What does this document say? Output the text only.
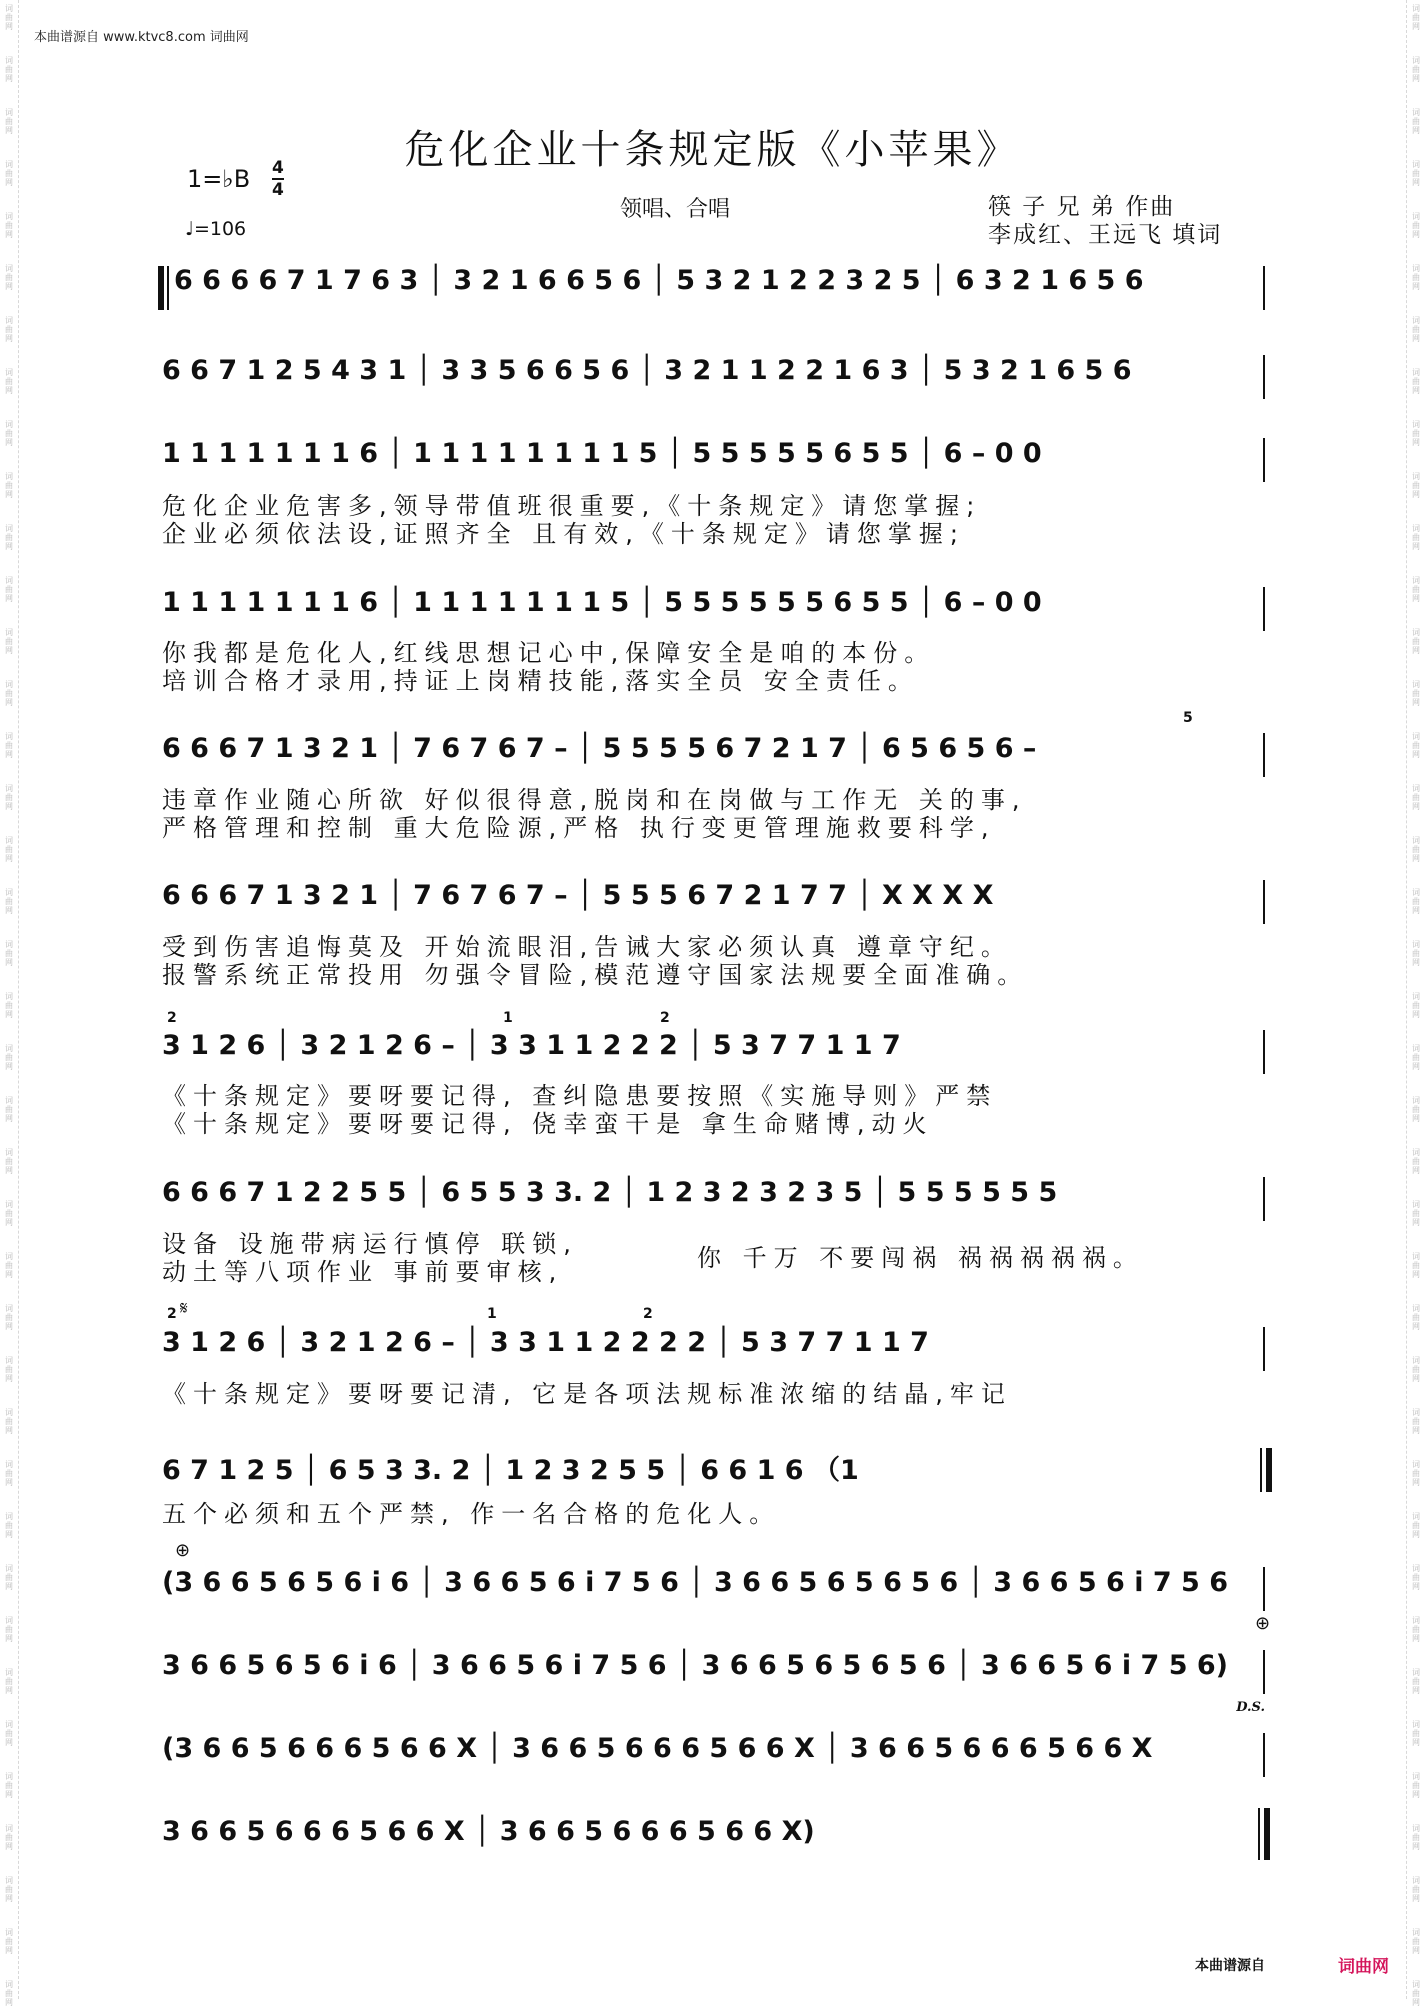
词曲网
词曲网
词曲网
词曲网
词曲网
词曲网
词曲网
词曲网
词曲网
词曲网
词曲网
词曲网
词曲网
词曲网
词曲网
词曲网
词曲网
词曲网
词曲网
词曲网
词曲网
词曲网
词曲网
词曲网
词曲网
词曲网
词曲网
词曲网
词曲网
词曲网
词曲网
词曲网
词曲网
词曲网
词曲网
词曲网
词曲网
词曲网
词曲网
词曲网
词曲网
词曲网
词曲网
词曲网
词曲网
词曲网
词曲网
词曲网
词曲网
词曲网
词曲网
词曲网
词曲网
词曲网
词曲网
词曲网
词曲网
词曲网
词曲网
词曲网
词曲网
词曲网
词曲网
词曲网
词曲网
词曲网
词曲网
词曲网
词曲网
词曲网
词曲网
词曲网
词曲网
词曲网
词曲网
词曲网
词曲网
词曲网
本曲谱源自 www.ktvc8.com 词曲网
危化企业十条规定版《小苹果》
1=♭B 4
4
♩=106
领唱、合唱	筷 子 兄 弟 作曲
李成红、王远飞 填词
6 6 6 6 7 1 7 6 3 │ 3 2 1 6 6 5 6 │ 5 3 2 1 2 2 3 2 5 │ 6 3 2 1 6 5 6
6 6 7 1 2 5 4 3 1 │ 3 3 5 6 6 5 6 │ 3 2 1 1 2 2 1 6 3 │ 5 3 2 1 6 5 6
1 1 1 1 1 1 1 6 │ 1 1 1 1 1 1 1 1 5 │ 5 5 5 5 5 6 5 5 │ 6 – 0 0
1 1 1 1 1 1 1 6 │ 1 1 1 1 1 1 1 5 │ 5 5 5 5 5 5 6 5 5 │ 6 – 0 0
6 6 6 7 1 3 2 1 │ 7 6 7 6 7 – │ 5 5 5 5 6 7 2 1 7 │ 6 5 6 5 6 –
6 6 6 7 1 3 2 1 │ 7 6 7 6 7 – │ 5 5 5 6 7 2 1 7 7 │ X X X X
3 1 2 6 │ 3 2 1 2 6 – │ 3 3 1 1 2 2 2 │ 5 3 7 7 1 1 7
6 6 6 7 1 2 2 5 5 │ 6 5 5 3 3. 2 │ 1 2 3 2 3 2 3 5 │ 5 5 5 5 5 5
3 1 2 6 │ 3 2 1 2 6 – │ 3 3 1 1 2 2 2 2 │ 5 3 7 7 1 1 7
6 7 1 2 5 │ 6 5 3 3. 2 │ 1 2 3 2 5 5 │ 6 6 1 6 （1
(3 6 6 5 6 5 6 i 6 │ 3 6 6 5 6 i 7 5 6 │ 3 6 6 5 6 5 6 5 6 │ 3 6 6 5 6 i 7 5 6
3 6 6 5 6 5 6 i 6 │ 3 6 6 5 6 i 7 5 6 │ 3 6 6 5 6 5 6 5 6 │ 3 6 6 5 6 i 7 5 6)
(3 6 6 5 6 6 6 5 6 6 X │ 3 6 6 5 6 6 6 5 6 6 X │ 3 6 6 5 6 6 6 5 6 6 X
3 6 6 5 6 6 6 5 6 6 X │ 3 6 6 5 6 6 6 5 6 6 X)
危化企业危害多,领导带值班很重要,《十条规定》请您掌握;
企业必须依法设,证照齐全 且有效,《十条规定》请您掌握;
你我都是危化人,红线思想记心中,保障安全是咱的本份。
培训合格才录用,持证上岗精技能,落实全员 安全责任。
违章作业随心所欲 好似很得意,脱岗和在岗做与工作无 关的事,
严格管理和控制 重大危险源,严格 执行变更管理施救要科学,
受到伤害追悔莫及 开始流眼泪,告诫大家必须认真 遵章守纪。
报警系统正常投用 勿强令冒险,模范遵守国家法规要全面准确。
《十条规定》要呀要记得, 查纠隐患要按照《实施导则》严禁
《十条规定》要呀要记得, 侥幸蛮干是 拿生命赌博,动火
设备 设施带病运行慎停 联锁,
动土等八项作业 事前要审核,	你 千万 不要闯祸 祸祸祸祸祸。
《十条规定》要呀要记清, 它是各项法规标准浓缩的结晶,牢记
五个必须和五个严禁, 作一名合格的危化人。
5
2	1	2
2 𝄋	1	2
⊕
⊕
D.S.
本曲谱源自	词曲网
